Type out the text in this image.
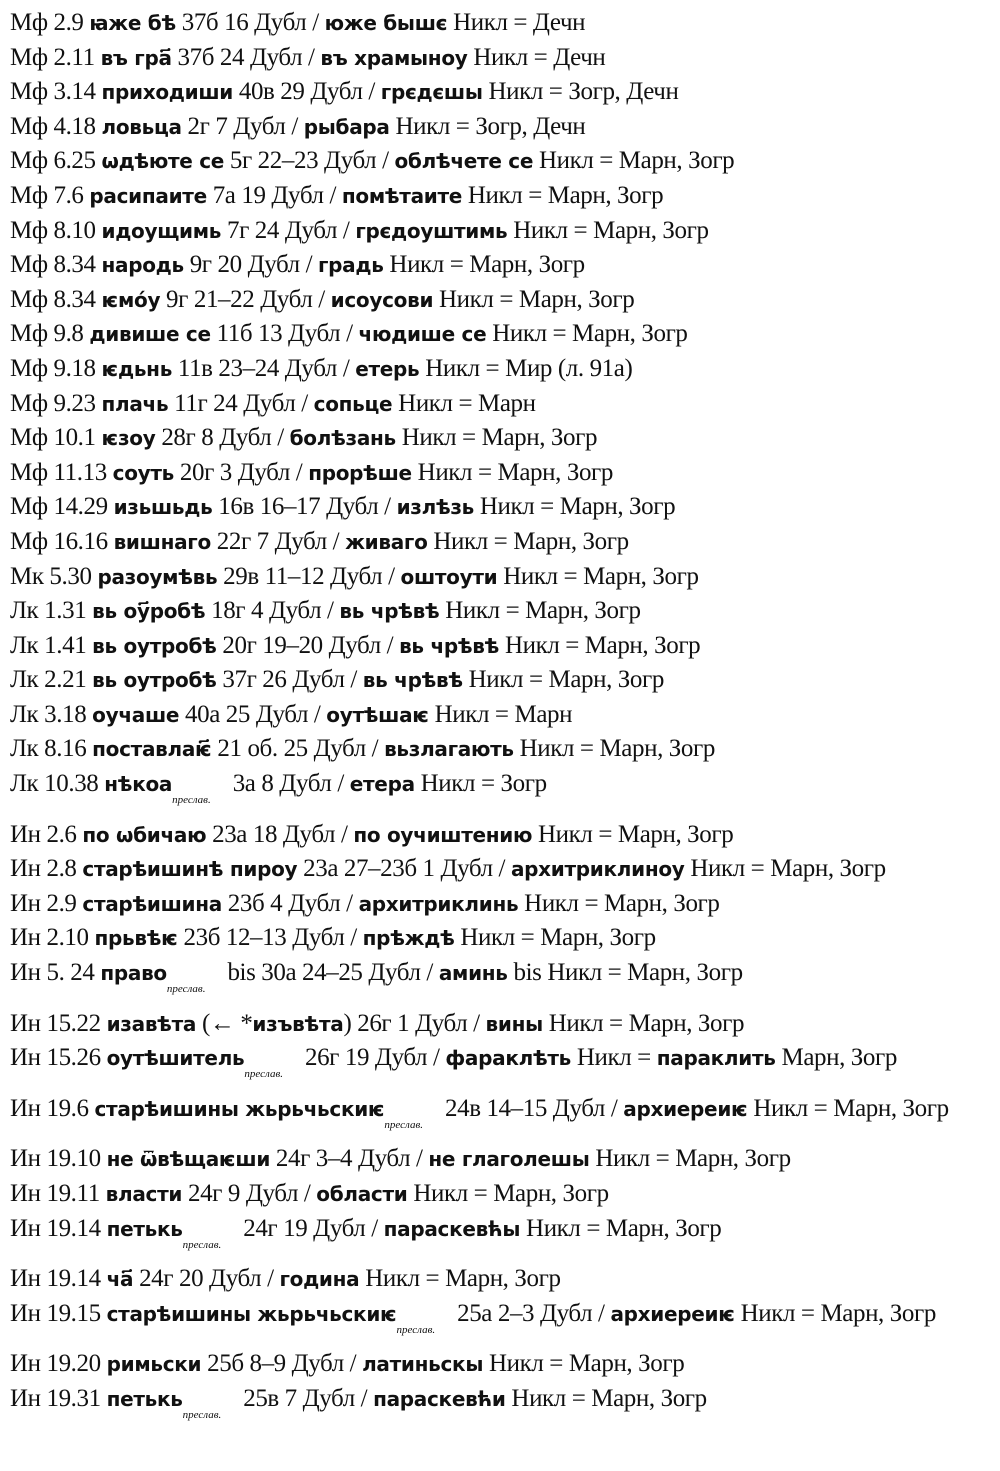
Мф 2.9 ꙗже бѣ 37б 16 Дубл / юже бышє Никл = Дечн

Мф 2.11 въ гра҃ 37б 24 Дубл / въ храмыноу Никл = Дечн

Мф 3.14 приходиши 40в 29 Дубл / грєдєшы Никл = Зогр, Дечн

Мф 4.18 ловьца 2г 7 Дубл / рыбара Никл = Зогр, Дечн

Мф 6.25 ѡдѣюте се 5г 22–23 Дубл / облѣчете се Никл = Марн, Зогр

Мф 7.6 расипаите 7а 19 Дубл / помѣтаите Никл = Марн, Зогр

Мф 8.10 идоущимь 7г 24 Дубл / грєдоуштимь Никл = Марн, Зогр

Мф 8.34 народь 9г 20 Дубл / градь Никл = Марн, Зогр

Мф 8.34 ѥмо́у 9г 21–22 Дубл / исоусови Никл = Марн, Зогр

Мф 9.8 дивише се 11б 13 Дубл / чюдише се Никл = Марн, Зогр

Мф 9.18 ѥдьнь 11в 23–24 Дубл / етерь Никл = Мир (л. 91а)

Мф 9.23 плачь 11г 24 Дубл / сопьце Никл = Марн

Мф 10.1 ѥзоу 28г 8 Дубл / болѣзань Никл = Марн, Зогр

Мф 11.13 соуть 20г 3 Дубл / прорѣше Никл = Марн, Зогр

Мф 14.29 изьшьдь 16в 16–17 Дубл / излѣзь Никл = Марн, Зогр

Мф 16.16 вишнаго 22г 7 Дубл / живаго Никл = Марн, Зогр

Мк 5.30 разоумѣвь 29в 11–12 Дубл / оштоути Никл = Марн, Зогр

Лк 1.31 вь оу҃робѣ 18г 4 Дубл / вь чрѣвѣ Никл = Марн, Зогр

Лк 1.41 вь оутробѣ 20г 19–20 Дубл / вь чрѣвѣ Никл = Марн, Зогр

Лк 2.21 вь оутробѣ 37г 26 Дубл / вь чрѣвѣ Никл = Марн, Зогр

Лк 3.18 оучаше 40а 25 Дубл / оутѣшаѥ Никл = Марн

Лк 8.16 поставлаѥ҃ 21 об. 25 Дубл / вьзлагають Никл = Марн, Зогр

Лк 10.38 нѣкоа$_{преслав.}$3а 8 Дубл / етера Никл = Зогр

Ин 2.6 по ѡбичаю 23а 18 Дубл / по оучиштению Никл = Марн, Зогр

Ин 2.8 старѣишинѣ пироу 23а 27–23б 1 Дубл / архитриклиноу Никл = Марн, Зогр

Ин 2.9 старѣишина 23б 4 Дубл / архитриклинь Никл = Марн, Зогр

Ин 2.10 прьвѣѥ 23б 12–13 Дубл / прѣждѣ Никл = Марн, Зогр

Ин 5. 24 право$_{преслав.}$bis 30а 24–25 Дубл / аминь bis Никл = Марн, Зогр

Ин 15.22 изавѣта (← *изъвѣта) 26г 1 Дубл / вины Никл = Марн, Зогр

Ин 15.26 оутѣшитель$_{преслав.}$26г 19 Дубл / фараклѣть Никл = параклить Марн, Зогр

Ин 19.6 старѣишины жьрьчьскиѥ$_{преслав.}$24в 14–15 Дубл / архиереиѥ Никл = Марн, Зогр

Ин 19.10 не ѿвѣщаѥши 24г 3–4 Дубл / не глаголешы Никл = Марн, Зогр

Ин 19.11 власти 24г 9 Дубл / области Никл = Марн, Зогр

Ин 19.14 петькь$_{преслав.}$24г 19 Дубл / параскевћы Никл = Марн, Зогр

Ин 19.14 ча҃ 24г 20 Дубл / година Никл = Марн, Зогр

Ин 19.15 старѣишины жьрьчьскиѥ$_{преслав.}$25а 2–3 Дубл / архиереиѥ Никл = Марн, Зогр

Ин 19.20 римьски 25б 8–9 Дубл / латиньскы Никл = Марн, Зогр

Ин 19.31 петькь$_{преслав.}$25в 7 Дубл / параскевћи Никл = Марн, Зогр
